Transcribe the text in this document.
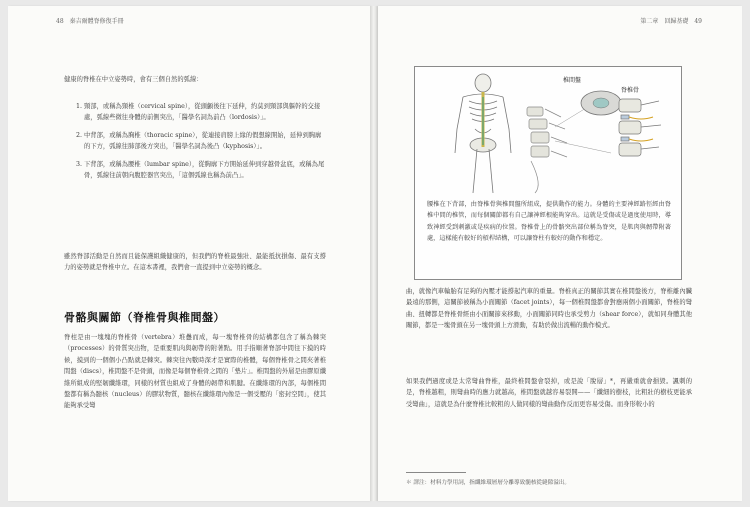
48　 秦吉爾體脊修復手冊
健康的脊椎在中立姿勢時，會有三個自然的弧線：
1. 頸部，或稱為頸椎（cervical spine），從頭顱後往下延伸，約莫到頸部與軀幹的交接處，弧線些微往身體的前側突出，「醫學名詞為前凸（lordosis）」。
2. 中背部，或稱為胸椎（thoracic spine），從連接肩膀上緣的假想線開始，延伸到胸廓的下方，弧線往肺部後方突出，「醫學名詞為後凸（kyphosis）」。
3. 下背部，或稱為腰椎（lumbar spine），從胸廓下方開始延伸到穿越骨盆底，或稱為尾骨，弧線往前朝向腹腔器官突出，「這個弧線也稱為前凸」。
雖然脊部活動是自然而且能保護組織健康的，但我們的脊椎最強壯、最能抵抗損傷、最有支撐力的姿勢就是脊椎中立。在這本書裡，我們會一直提到中立姿勢的概念。
骨骼與關節（脊椎骨與椎間盤）
脊柱是由一塊塊的脊椎骨（vertebra）堆疊而成，每一塊脊椎骨的結構都包含了稱為棘突（processes）的骨質突出物，是重要肌肉與韌帶的附著點。用手指順著脊部中間往下摸的時候，摸到的一個個小凸點就是棘突。棘突往內數時深才是實際的椎體，每個脊椎骨之間夾著椎間盤（discs），椎間盤不是骨頭，而像是每個脊椎骨之間的「墊片」。椎間盤的外層是由膠原纖維所組成的堅韌纖維環，同樣的材質也組成了身體的韌帶和肌腱。在纖維環的內部，每個椎間盤都有稱為髓核（nucleus）的膠狀物質，髓核在纖維環內像是一個受壓的「密封空間」，使其能夠承受彎
第二章　回歸基礎　 49
椎間盤
脊椎骨
腰椎在下背部，由脊椎骨與椎間盤所組成，提供動作的能力。身體的主要神經路徑經由脊椎中間的椎管，而每個關節都有自己讓神經根能夠穿出。這就是受傷或是過度使用時，導致神經受到刺激或是疾病的位置。脊椎骨上的骨骼突出部位稱為脊突，是肌肉與韌帶附著處，這樣能有較好的槓桿結構，可以讓脊柱有較好的動作和穩定。
曲，就像汽車輪胎有足夠的內壓才能撐起汽車的重量。脊椎真正的關節其實在椎間盤後方，脊椎離內臟最遠的那側，這關節被稱為小面關節（facet joints），每一個椎間盤都會對應兩個小面關節，脊椎的彎曲、扭轉都是脊椎骨經由小面關節來移動，小面關節同時也承受剪力（shear force），就如同身體其他關節，都是一塊骨頭在另一塊骨頭上方滑動，有助於做出流暢的動作模式。
如果我們過度或是太常彎曲脊椎，最終椎間盤會裂掉，或是說「脫層」*，再嚴重就會損毀。諷刺的是，脊椎越粗，則彎曲時的應力就越高，椎間盤就越容易裂開——「纖細的樹枝，比粗壯的樹枝更能承受彎曲」，這就是為什麼脊椎比較粗的人做同樣的彎曲動作反而更容易受傷。而身形較小的
＊ 譯注：材料力學用詞，指纖維環層層分離導致髓核從縫隙溢出。
